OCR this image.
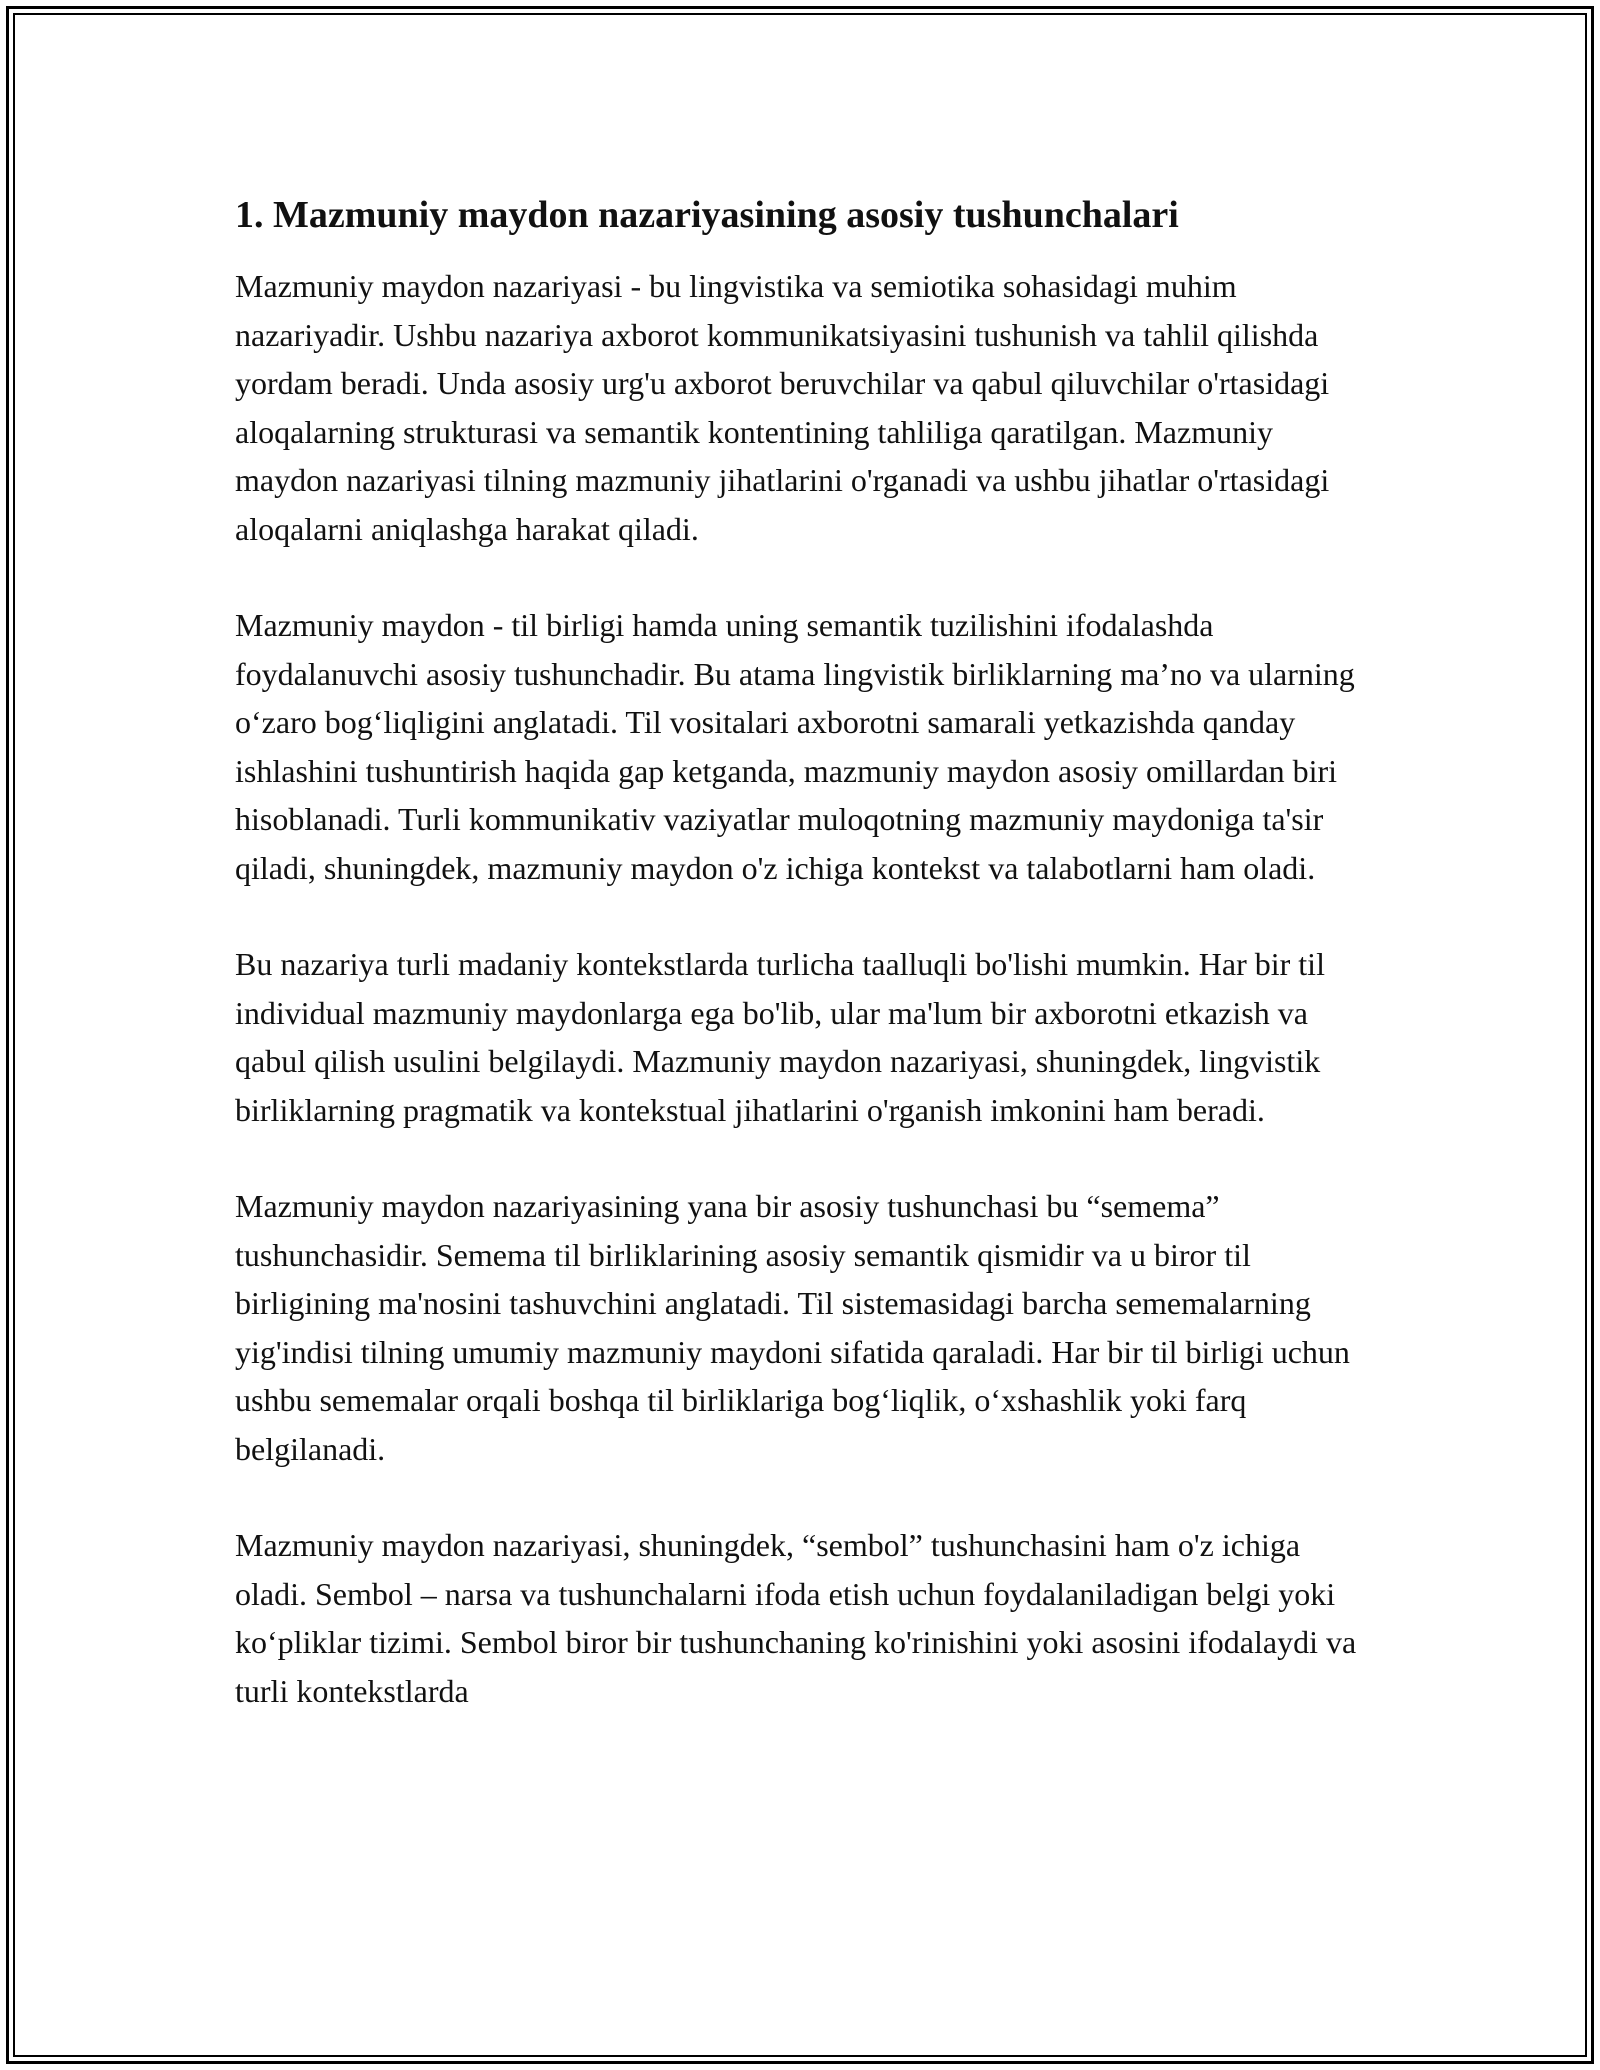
1. Mazmuniy maydon nazariyasining asosiy tushunchalari

Mazmuniy maydon nazariyasi - bu lingvistika va semiotika sohasidagi muhim nazariyadir. Ushbu nazariya axborot kommunikatsiyasini tushunish va tahlil qilishda yordam beradi. Unda asosiy urg'u axborot beruvchilar va qabul qiluvchilar o'rtasidagi aloqalarning strukturasi va semantik kontentining tahliliga qaratilgan. Mazmuniy maydon nazariyasi tilning mazmuniy jihatlarini o'rganadi va ushbu jihatlar o'rtasidagi aloqalarni aniqlashga harakat qiladi.

Mazmuniy maydon - til birligi hamda uning semantik tuzilishini ifodalashda foydalanuvchi asosiy tushunchadir. Bu atama lingvistik birliklarning ma’no va ularning o‘zaro bog‘liqligini anglatadi. Til vositalari axborotni samarali yetkazishda qanday ishlashini tushuntirish haqida gap ketganda, mazmuniy maydon asosiy omillardan biri hisoblanadi. Turli kommunikativ vaziyatlar muloqotning mazmuniy maydoniga ta'sir qiladi, shuningdek, mazmuniy maydon o'z ichiga kontekst va talabotlarni ham oladi.

Bu nazariya turli madaniy kontekstlarda turlicha taalluqli bo'lishi mumkin. Har bir til individual mazmuniy maydonlarga ega bo'lib, ular ma'lum bir axborotni etkazish va qabul qilish usulini belgilaydi. Mazmuniy maydon nazariyasi, shuningdek, lingvistik birliklarning pragmatik va kontekstual jihatlarini o'rganish imkonini ham beradi.

Mazmuniy maydon nazariyasining yana bir asosiy tushunchasi bu “semema” tushunchasidir. Semema til birliklarining asosiy semantik qismidir va u biror til birligining ma'nosini tashuvchini anglatadi. Til sistemasidagi barcha sememalarning yig'indisi tilning umumiy mazmuniy maydoni sifatida qaraladi. Har bir til birligi uchun ushbu sememalar orqali boshqa til birliklariga bog‘liqlik, o‘xshashlik yoki farq belgilanadi.

Mazmuniy maydon nazariyasi, shuningdek, “sembol” tushunchasini ham o'z ichiga oladi. Sembol – narsa va tushunchalarni ifoda etish uchun foydalaniladigan belgi yoki ko‘pliklar tizimi. Sembol biror bir tushunchaning ko'rinishini yoki asosini ifodalaydi va turli kontekstlarda
